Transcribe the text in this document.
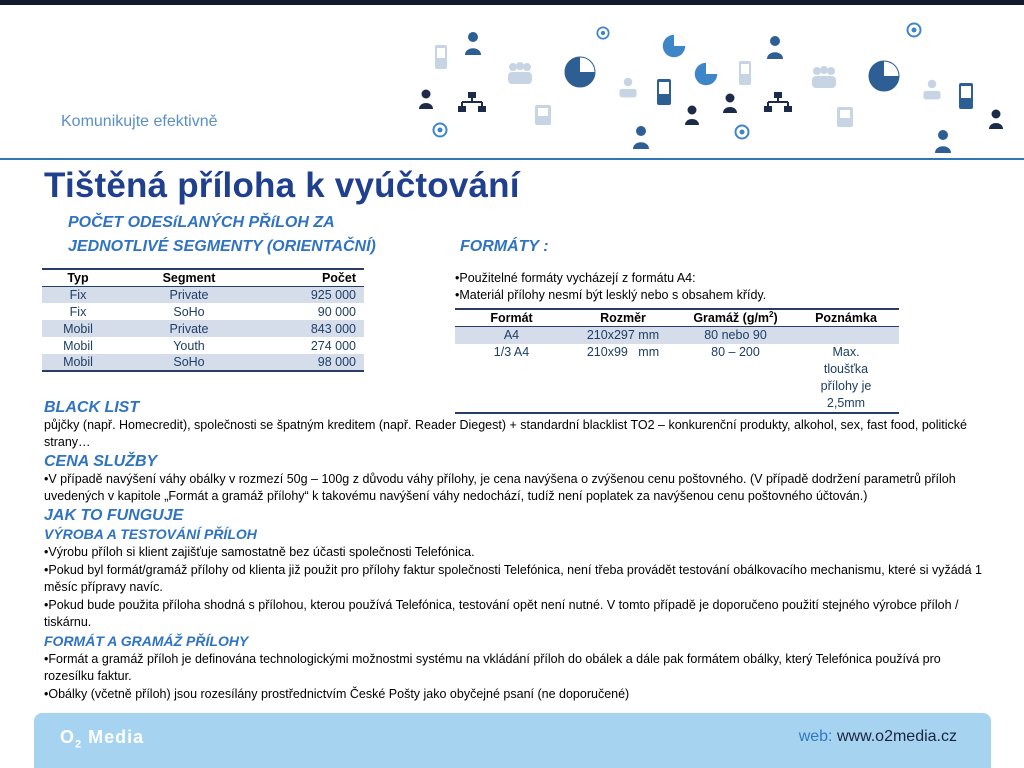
Komunikujte efektivně
Tištěná příloha k vyúčtování
POČET ODESíLANÝCH PŘíLOH ZA
JEDNOTLIVÉ SEGMENTY (ORIENTAČNÍ)	FORMÁTY :
Typ	Segment	Počet
Fix	Private	925 000
Fix	SoHo	90 000
Mobil	Private	843 000
Mobil	Youth	274 000
Mobil	SoHo	98 000
•Použitelné formáty vycházejí z formátu A4:
•Materiál přílohy nesmí být lesklý nebo s obsahem křídy.
Formát	Rozměr	Gramáž $(g/m^2)$	Poznámka
A4	210x297 mm	80 nebo 90	
1/3 A4	210x99   mm	80 – 200	Max. tloušťka přílohy je 2,5mm
BLACK LIST
půjčky (např. Homecredit), společnosti se špatným kreditem (např. Reader Diegest) + standardní blacklist TO2 – konkurenční produkty, alkohol, sex, fast food, politické strany…
CENA SLUŽBY
•V případě navýšení váhy obálky v rozmezí 50g – 100g z důvodu váhy přílohy, je cena navýšena o zvýšenou cenu poštovného. (V případě dodržení parametrů příloh uvedených v kapitole „Formát a gramáž přílohy“ k takovému navýšení váhy nedochází, tudíž není poplatek za navýšenou cenu poštovného účtován.)
JAK TO FUNGUJE
VÝROBA A TESTOVÁNÍ PŘÍLOH
•Výrobu příloh si klient zajišťuje samostatně bez účasti společnosti Telefónica.
•Pokud byl formát/gramáž přílohy od klienta již použit pro přílohy faktur společnosti Telefónica, není třeba provádět testování obálkovacího mechanismu, které si vyžádá 1 měsíc přípravy navíc.
•Pokud bude použita příloha shodná s přílohou, kterou používá Telefónica, testování opět není nutné. V tomto případě je doporučeno použití stejného výrobce příloh / tiskárnu.
FORMÁT A GRAMÁŽ PŘÍLOHY
•Formát a gramáž příloh je definována technologickými možnostmi systému na vkládání příloh do obálek a dále pak formátem obálky, který Telefónica používá pro rozesílku faktur.
•Obálky (včetně příloh) jsou rozesílány prostřednictvím České Pošty jako obyčejné psaní (ne doporučené)
$O_2$ Media	web: www.o2media.cz
